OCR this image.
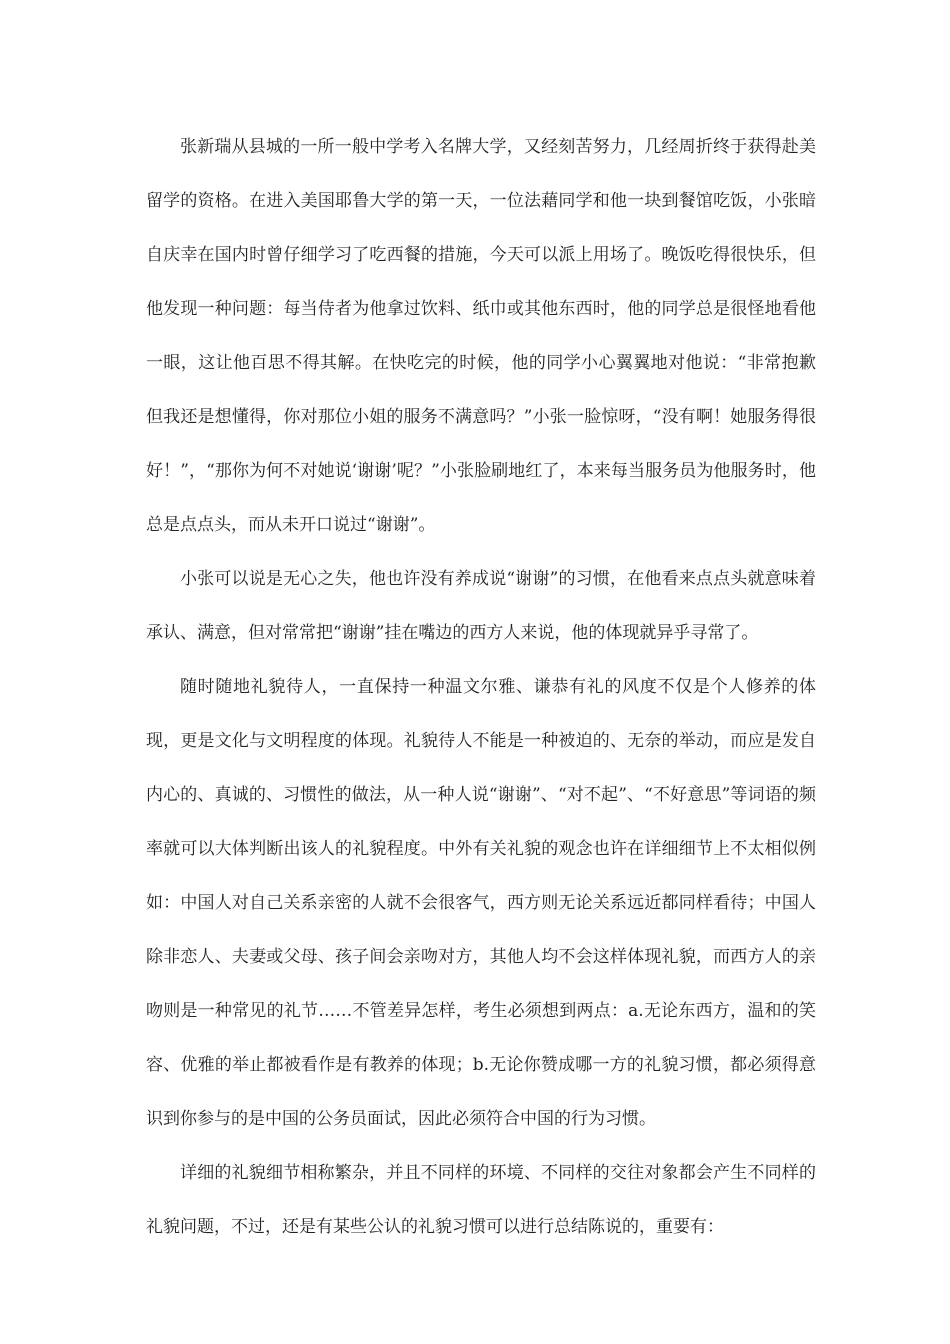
张新瑞从县城的一所一般中学考入名牌大学，又经刻苦努力，几经周折终于获得赴美留学的资格。在进入美国耶鲁大学的第一天，一位法藉同学和他一块到餐馆吃饭，小张暗自庆幸在国内时曾仔细学习了吃西餐的措施，今天可以派上用场了。晚饭吃得很快乐，但他发现一种问题：每当侍者为他拿过饮料、纸巾或其他东西时，他的同学总是很怪地看他一眼，这让他百思不得其解。在快吃完的时候，他的同学小心翼翼地对他说：“非常抱歉但我还是想懂得，你对那位小姐的服务不满意吗？”小张一脸惊呀，“没有啊！她服务得很好！”，“那你为何不对她说‘谢谢’呢？”小张脸刷地红了，本来每当服务员为他服务时，他总是点点头，而从未开口说过“谢谢”。

小张可以说是无心之失，他也许没有养成说“谢谢”的习惯，在他看来点点头就意味着承认、满意，但对常常把“谢谢”挂在嘴边的西方人来说，他的体现就异乎寻常了。

随时随地礼貌待人，一直保持一种温文尔雅、谦恭有礼的风度不仅是个人修养的体现，更是文化与文明程度的体现。礼貌待人不能是一种被迫的、无奈的举动，而应是发自内心的、真诚的、习惯性的做法，从一种人说“谢谢”、“对不起”、“不好意思”等词语的频率就可以大体判断出该人的礼貌程度。中外有关礼貌的观念也许在详细细节上不太相似例如：中国人对自己关系亲密的人就不会很客气，西方则无论关系远近都同样看待；中国人除非恋人、夫妻或父母、孩子间会亲吻对方，其他人均不会这样体现礼貌，而西方人的亲吻则是一种常见的礼节……不管差异怎样，考生必须想到两点：a.无论东西方，温和的笑容、优雅的举止都被看作是有教养的体现；b.无论你赞成哪一方的礼貌习惯，都必须得意识到你参与的是中国的公务员面试，因此必须符合中国的行为习惯。

详细的礼貌细节相称繁杂，并且不同样的环境、不同样的交往对象都会产生不同样的礼貌问题，不过，还是有某些公认的礼貌习惯可以进行总结陈说的，重要有：
